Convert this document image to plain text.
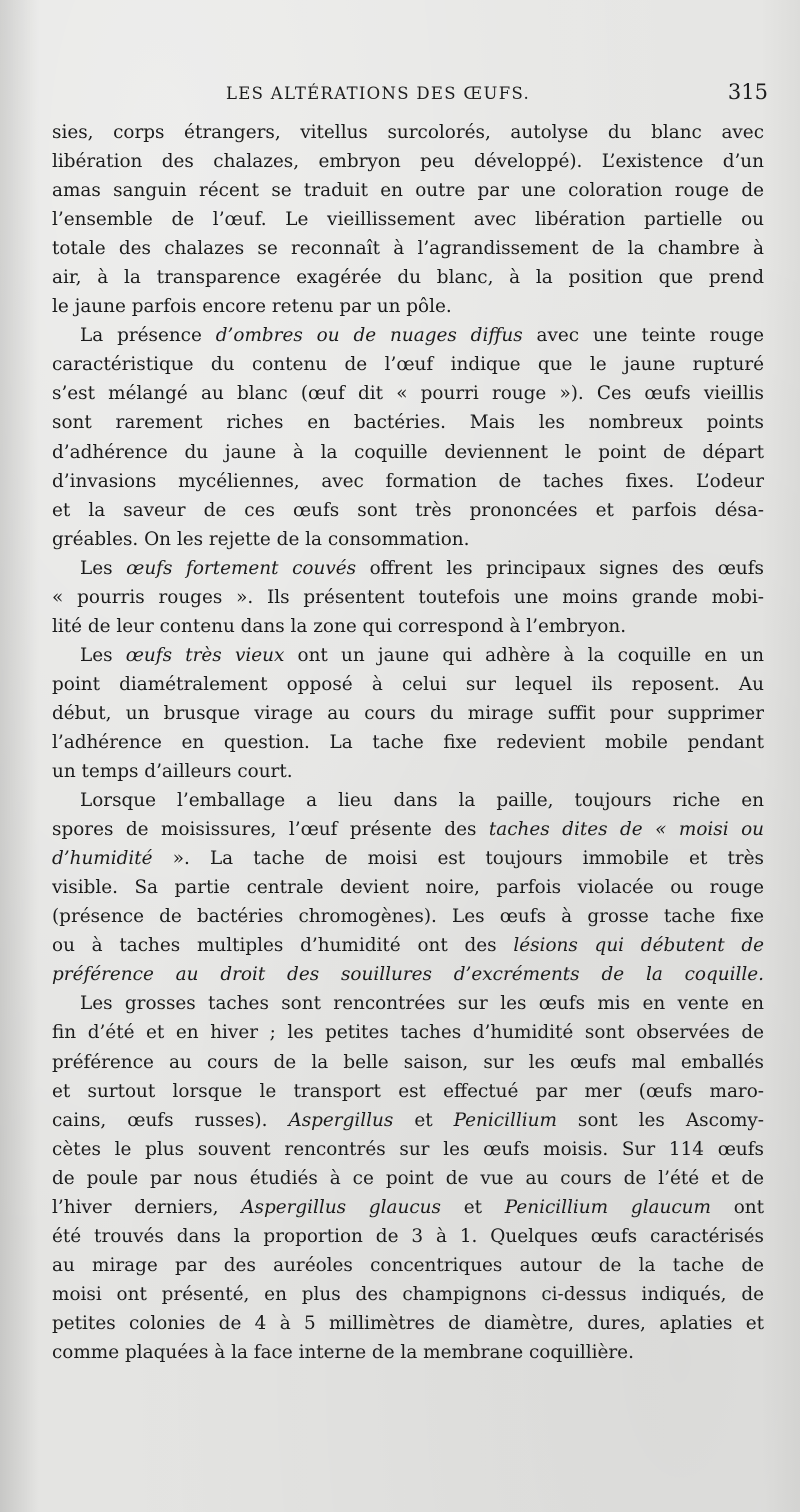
LES ALTÉRATIONS DES ŒUFS.	315
sies, corps étrangers, vitellus surcolorés, autolyse du blanc avec
libération des chalazes, embryon peu développé). L’existence d’un
amas sanguin récent se traduit en outre par une coloration rouge de
l’ensemble de l’œuf. Le vieillissement avec libération partielle ou
totale des chalazes se reconnaît à l’agrandissement de la chambre à
air, à la transparence exagérée du blanc, à la position que prend
le jaune parfois encore retenu par un pôle.
La présence d’ombres ou de nuages diffus avec une teinte rouge
caractéristique du contenu de l’œuf indique que le jaune rupturé
s’est mélangé au blanc (œuf dit « pourri rouge »). Ces œufs vieillis
sont rarement riches en bactéries. Mais les nombreux points
d’adhérence du jaune à la coquille deviennent le point de départ
d’invasions mycéliennes, avec formation de taches fixes. L’odeur
et la saveur de ces œufs sont très prononcées et parfois désa-
gréables. On les rejette de la consommation.
Les œufs fortement couvés offrent les principaux signes des œufs
« pourris rouges ». Ils présentent toutefois une moins grande mobi-
lité de leur contenu dans la zone qui correspond à l’embryon.
Les œufs très vieux ont un jaune qui adhère à la coquille en un
point diamétralement opposé à celui sur lequel ils reposent. Au
début, un brusque virage au cours du mirage suffit pour supprimer
l’adhérence en question. La tache fixe redevient mobile pendant
un temps d’ailleurs court.
Lorsque l’emballage a lieu dans la paille, toujours riche en
spores de moisissures, l’œuf présente des taches dites de « moisi ou
d’humidité ». La tache de moisi est toujours immobile et très
visible. Sa partie centrale devient noire, parfois violacée ou rouge
(présence de bactéries chromogènes). Les œufs à grosse tache fixe
ou à taches multiples d’humidité ont des lésions qui débutent de
préférence au droit des souillures d’excréments de la coquille.
Les grosses taches sont rencontrées sur les œufs mis en vente en
fin d’été et en hiver ; les petites taches d’humidité sont observées de
préférence au cours de la belle saison, sur les œufs mal emballés
et surtout lorsque le transport est effectué par mer (œufs maro-
cains, œufs russes). Aspergillus et Penicillium sont les Ascomy-
cètes le plus souvent rencontrés sur les œufs moisis. Sur 114 œufs
de poule par nous étudiés à ce point de vue au cours de l’été et de
l’hiver derniers, Aspergillus glaucus et Penicillium glaucum ont
été trouvés dans la proportion de 3 à 1. Quelques œufs caractérisés
au mirage par des auréoles concentriques autour de la tache de
moisi ont présenté, en plus des champignons ci-dessus indiqués, de
petites colonies de 4 à 5 millimètres de diamètre, dures, aplaties et
comme plaquées à la face interne de la membrane coquillière.
